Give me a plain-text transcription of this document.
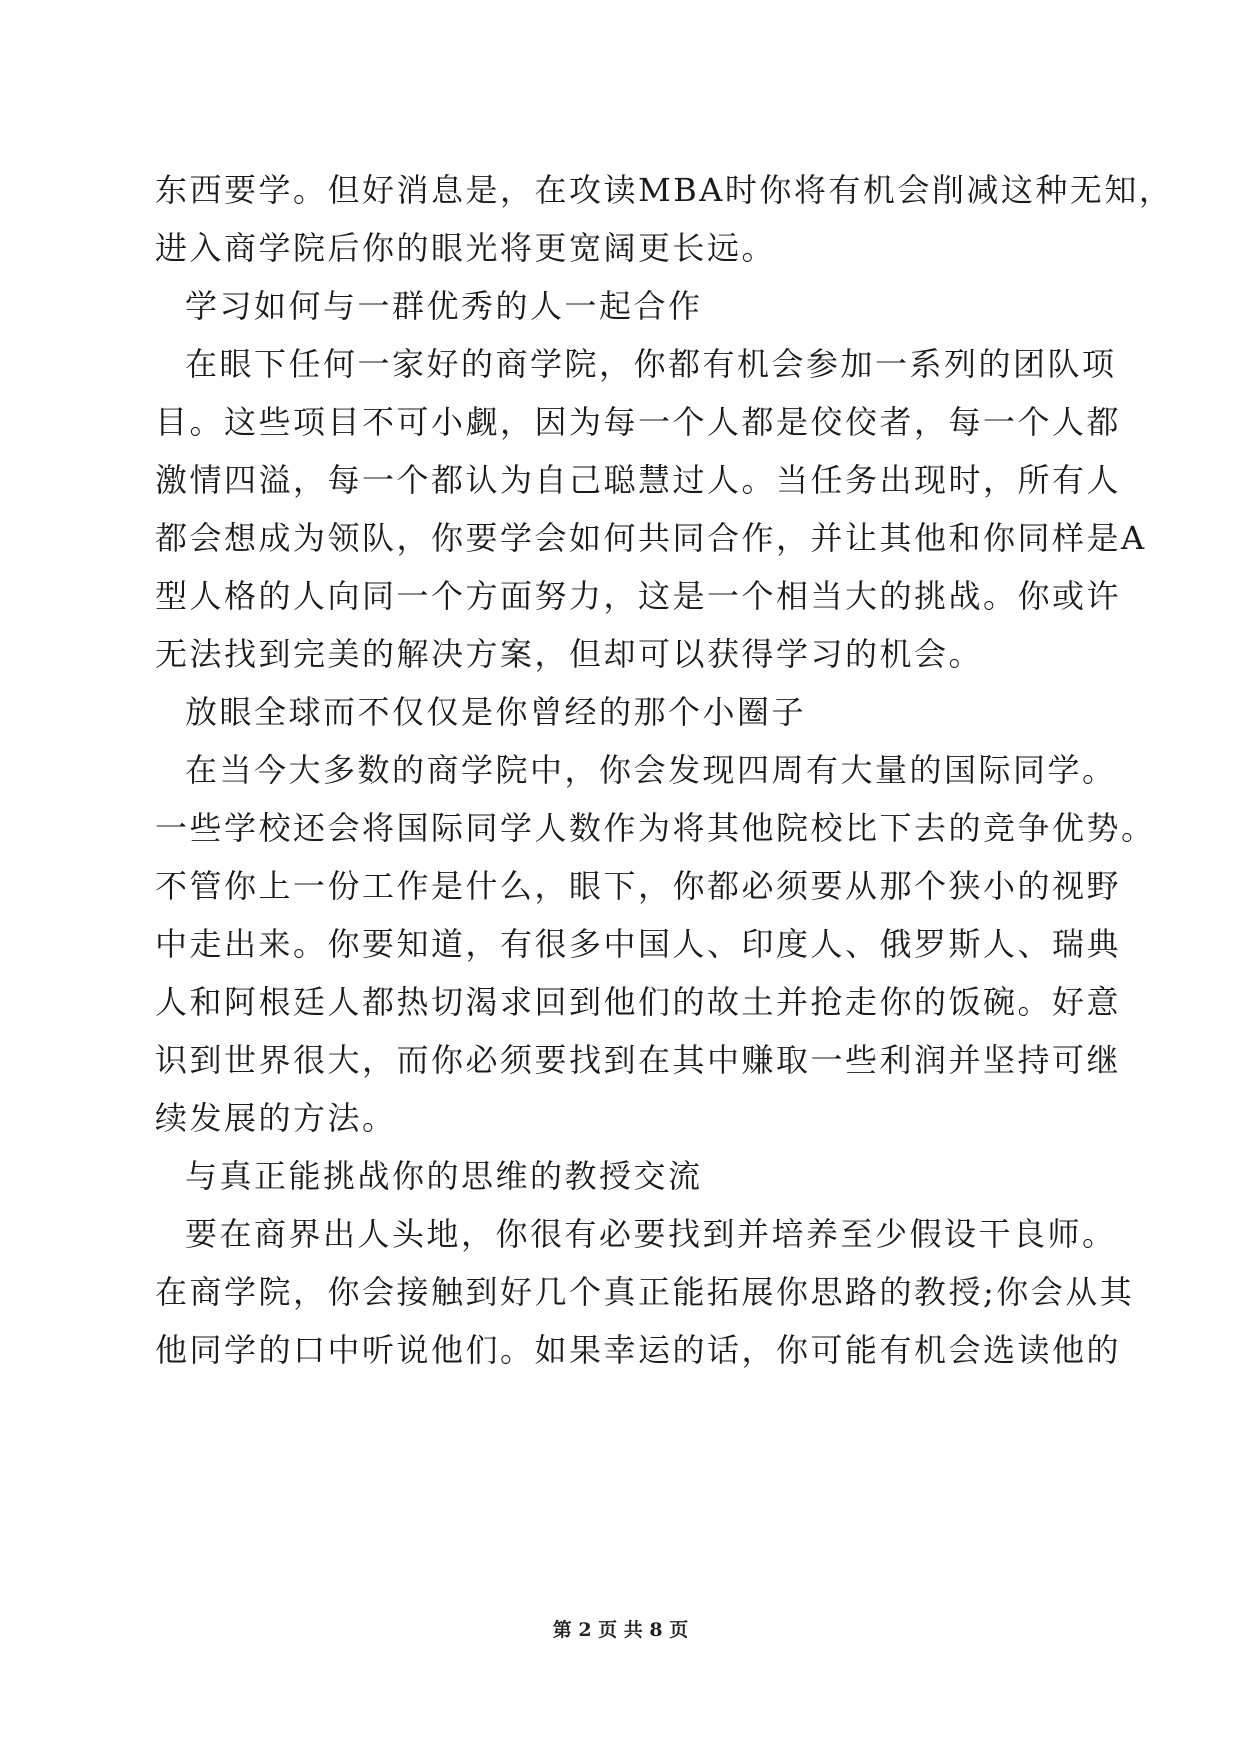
东西要学。但好消息是，在攻读MBA时你将有机会削减这种无知，
进入商学院后你的眼光将更宽阔更长远。
学习如何与一群优秀的人一起合作
在眼下任何一家好的商学院，你都有机会参加一系列的团队项
目。这些项目不可小觑，因为每一个人都是佼佼者，每一个人都
激情四溢，每一个都认为自己聪慧过人。当任务出现时，所有人
都会想成为领队，你要学会如何共同合作，并让其他和你同样是A
型人格的人向同一个方面努力，这是一个相当大的挑战。你或许
无法找到完美的解决方案，但却可以获得学习的机会。
放眼全球而不仅仅是你曾经的那个小圈子
在当今大多数的商学院中，你会发现四周有大量的国际同学。
一些学校还会将国际同学人数作为将其他院校比下去的竞争优势。
不管你上一份工作是什么，眼下，你都必须要从那个狭小的视野
中走出来。你要知道，有很多中国人、印度人、俄罗斯人、瑞典
人和阿根廷人都热切渴求回到他们的故土并抢走你的饭碗。好意
识到世界很大，而你必须要找到在其中赚取一些利润并坚持可继
续发展的方法。
与真正能挑战你的思维的教授交流
要在商界出人头地，你很有必要找到并培养至少假设干良师。
在商学院，你会接触到好几个真正能拓展你思路的教授;你会从其
他同学的口中听说他们。如果幸运的话，你可能有机会选读他的
第 2 页 共 8 页
